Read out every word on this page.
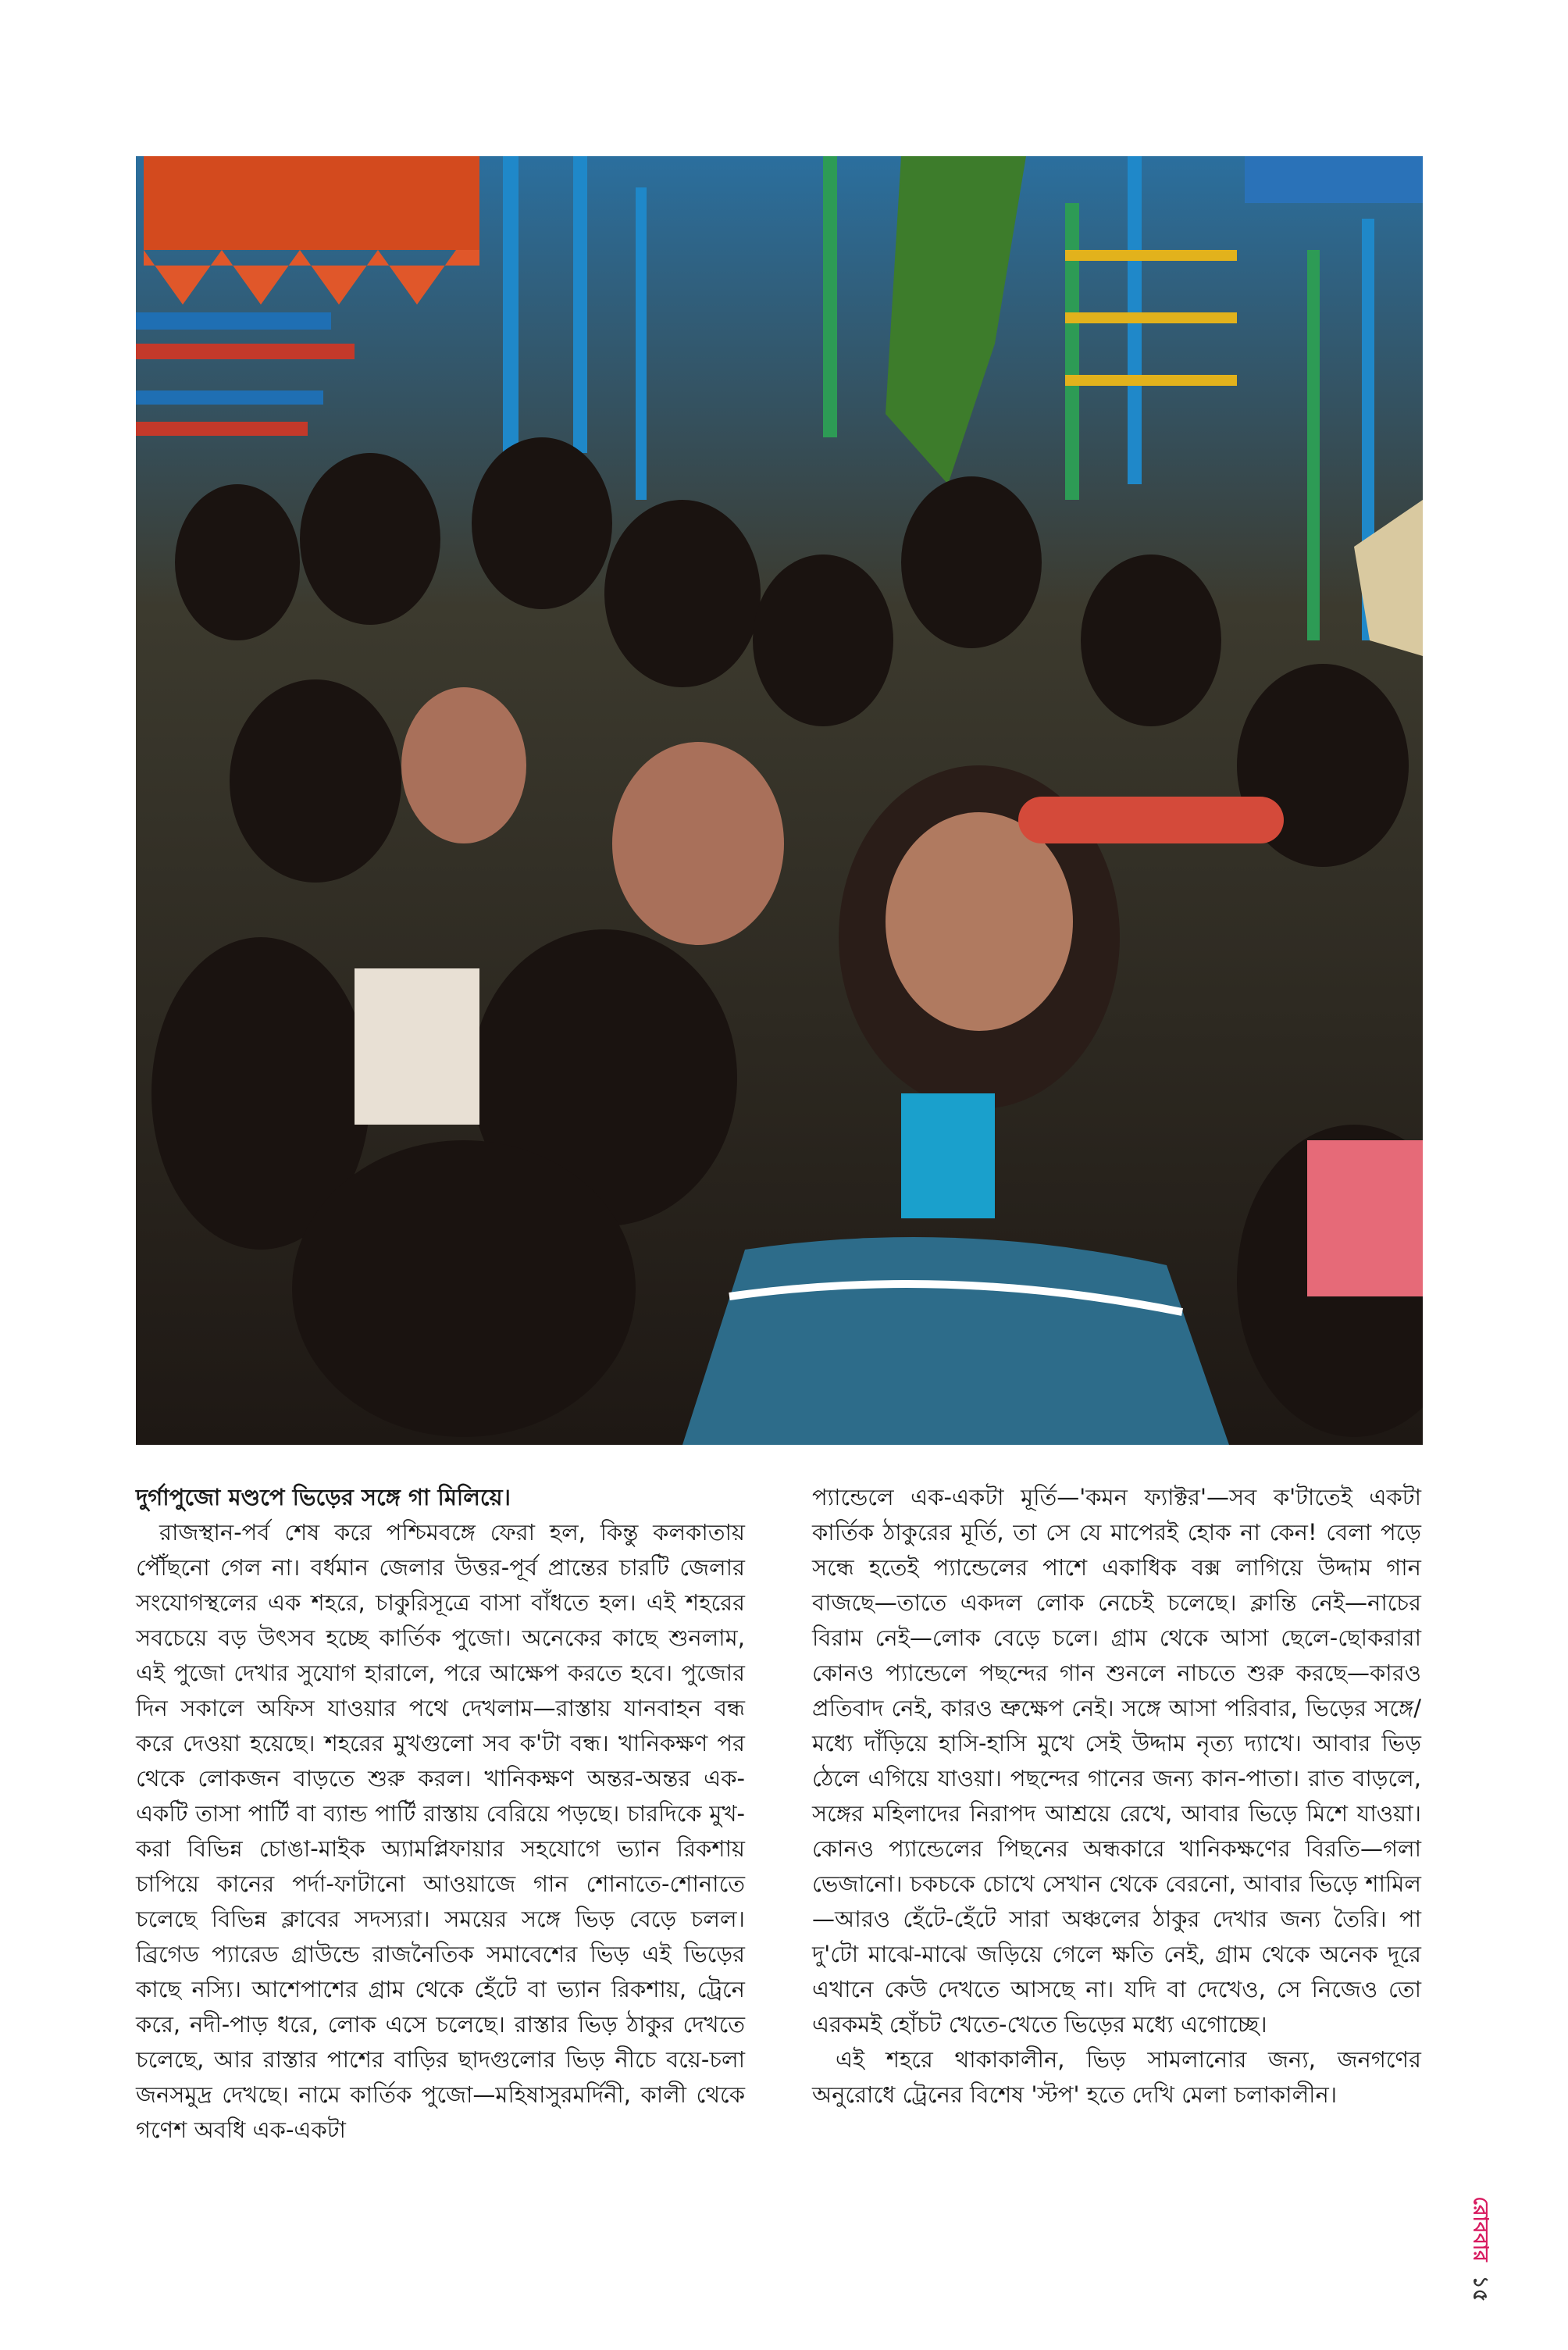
দুর্গাপুজো মণ্ডপে ভিড়ের সঙ্গে গা মিলিয়ে।

রাজস্থান-পর্ব শেষ করে পশ্চিমবঙ্গে ফেরা হল, কিন্তু কলকাতায় পৌঁছনো গেল না। বর্ধমান জেলার উত্তর-পূর্ব প্রান্তের চারটি জেলার সংযোগস্থলের এক শহরে, চাকুরিসূত্রে বাসা বাঁধতে হল। এই শহরের সবচেয়ে বড় উৎসব হচ্ছে কার্তিক পুজো। অনেকের কাছে শুনলাম, এই পুজো দেখার সুযোগ হারালে, পরে আক্ষেপ করতে হবে। পুজোর দিন সকালে অফিস যাওয়ার পথে দেখলাম—রাস্তায় যানবাহন বন্ধ করে দেওয়া হয়েছে। শহরের মুখগুলো সব ক'টা বন্ধ। খানিকক্ষণ পর থেকে লোকজন বাড়তে শুরু করল। খানিকক্ষণ অন্তর-অন্তর এক-একটি তাসা পার্টি বা ব্যান্ড পার্টি রাস্তায় বেরিয়ে পড়ছে। চারদিকে মুখ-করা বিভিন্ন চোঙা-মাইক অ্যামপ্লিফায়ার সহযোগে ভ্যান রিকশায় চাপিয়ে কানের পর্দা-ফাটানো আওয়াজে গান শোনাতে-শোনাতে চলেছে বিভিন্ন ক্লাবের সদস্যরা। সময়ের সঙ্গে ভিড় বেড়ে চলল। ব্রিগেড প্যারেড গ্রাউন্ডে রাজনৈতিক সমাবেশের ভিড় এই ভিড়ের কাছে নস্যি। আশেপাশের গ্রাম থেকে হেঁটে বা ভ্যান রিকশায়, ট্রেনে করে, নদী-পাড় ধরে, লোক এসে চলেছে। রাস্তার ভিড় ঠাকুর দেখতে চলেছে, আর রাস্তার পাশের বাড়ির ছাদগুলোর ভিড় নীচে বয়ে-চলা জনসমুদ্র দেখছে। নামে কার্তিক পুজো—মহিষাসুরমর্দিনী, কালী থেকে গণেশ অবধি এক-একটা

প্যান্ডেলে এক-একটা মূর্তি—'কমন ফ্যাক্টর'—সব ক'টাতেই একটা কার্তিক ঠাকুরের মূর্তি, তা সে যে মাপেরই হোক না কেন! বেলা পড়ে সন্ধে হতেই প্যান্ডেলের পাশে একাধিক বক্স লাগিয়ে উদ্দাম গান বাজছে—তাতে একদল লোক নেচেই চলেছে। ক্লান্তি নেই—নাচের বিরাম নেই—লোক বেড়ে চলে। গ্রাম থেকে আসা ছেলে-ছোকরারা কোনও প্যান্ডেলে পছন্দের গান শুনলে নাচতে শুরু করছে—কারও প্রতিবাদ নেই, কারও ভ্রুক্ষেপ নেই। সঙ্গে আসা পরিবার, ভিড়ের সঙ্গে/মধ্যে দাঁড়িয়ে হাসি-হাসি মুখে সেই উদ্দাম নৃত্য দ্যাখে। আবার ভিড় ঠেলে এগিয়ে যাওয়া। পছন্দের গানের জন্য কান-পাতা। রাত বাড়লে, সঙ্গের মহিলাদের নিরাপদ আশ্রয়ে রেখে, আবার ভিড়ে মিশে যাওয়া। কোনও প্যান্ডেলের পিছনের অন্ধকারে খানিকক্ষণের বিরতি—গলা ভেজানো। চকচকে চোখে সেখান থেকে বেরনো, আবার ভিড়ে শামিল—আরও হেঁটে-হেঁটে সারা অঞ্চলের ঠাকুর দেখার জন্য তৈরি। পা দু'টো মাঝে-মাঝে জড়িয়ে গেলে ক্ষতি নেই, গ্রাম থেকে অনেক দূরে এখানে কেউ দেখতে আসছে না। যদি বা দেখেও, সে নিজেও তো এরকমই হোঁচট খেতে-খেতে ভিড়ের মধ্যে এগোচ্ছে।

এই শহরে থাকাকালীন, ভিড় সামলানোর জন্য, জনগণের অনুরোধে ট্রেনের বিশেষ 'স্টপ' হতে দেখি মেলা চলাকালীন।

রোববার
১৫
